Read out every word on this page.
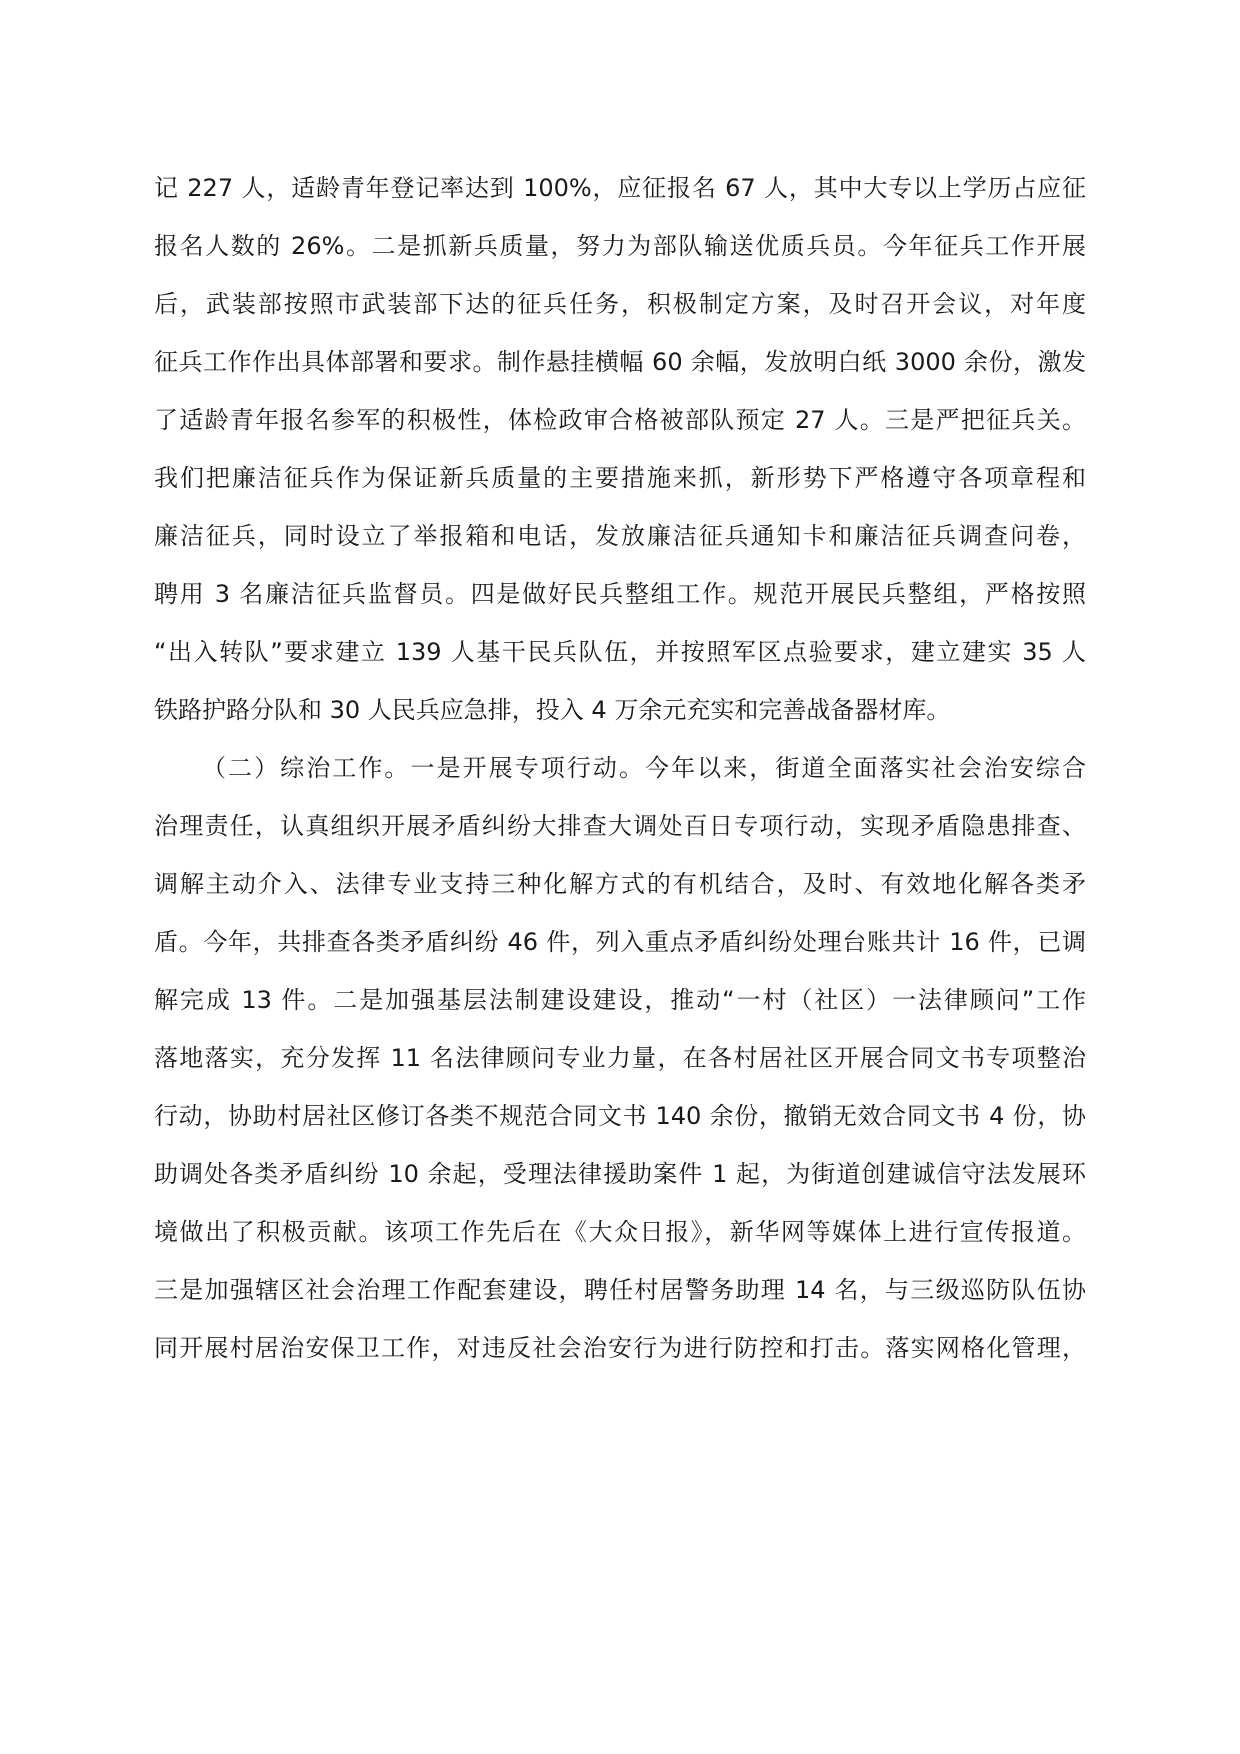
记 227 人，适龄青年登记率达到 100%，应征报名 67 人，其中大专以上学历占应征
报名人数的 26%。二是抓新兵质量，努力为部队输送优质兵员。今年征兵工作开展
后，武装部按照市武装部下达的征兵任务，积极制定方案，及时召开会议，对年度
征兵工作作出具体部署和要求。制作悬挂横幅 60 余幅，发放明白纸 3000 余份，激发
了适龄青年报名参军的积极性，体检政审合格被部队预定 27 人。三是严把征兵关。
我们把廉洁征兵作为保证新兵质量的主要措施来抓，新形势下严格遵守各项章程和
廉洁征兵，同时设立了举报箱和电话，发放廉洁征兵通知卡和廉洁征兵调查问卷，
聘用 3 名廉洁征兵监督员。四是做好民兵整组工作。规范开展民兵整组，严格按照
“出入转队”要求建立 139 人基干民兵队伍，并按照军区点验要求，建立建实 35 人
铁路护路分队和 30 人民兵应急排，投入 4 万余元充实和完善战备器材库。
（二）综治工作。一是开展专项行动。今年以来，街道全面落实社会治安综合
治理责任，认真组织开展矛盾纠纷大排查大调处百日专项行动，实现矛盾隐患排查、
调解主动介入、法律专业支持三种化解方式的有机结合，及时、有效地化解各类矛
盾。今年，共排查各类矛盾纠纷 46 件，列入重点矛盾纠纷处理台账共计 16 件，已调
解完成 13 件。二是加强基层法制建设建设，推动“一村（社区）一法律顾问”工作
落地落实，充分发挥 11 名法律顾问专业力量，在各村居社区开展合同文书专项整治
行动，协助村居社区修订各类不规范合同文书 140 余份，撤销无效合同文书 4 份，协
助调处各类矛盾纠纷 10 余起，受理法律援助案件 1 起，为街道创建诚信守法发展环
境做出了积极贡献。该项工作先后在《大众日报》，新华网等媒体上进行宣传报道。
三是加强辖区社会治理工作配套建设，聘任村居警务助理 14 名，与三级巡防队伍协
同开展村居治安保卫工作，对违反社会治安行为进行防控和打击。落实网格化管理，
